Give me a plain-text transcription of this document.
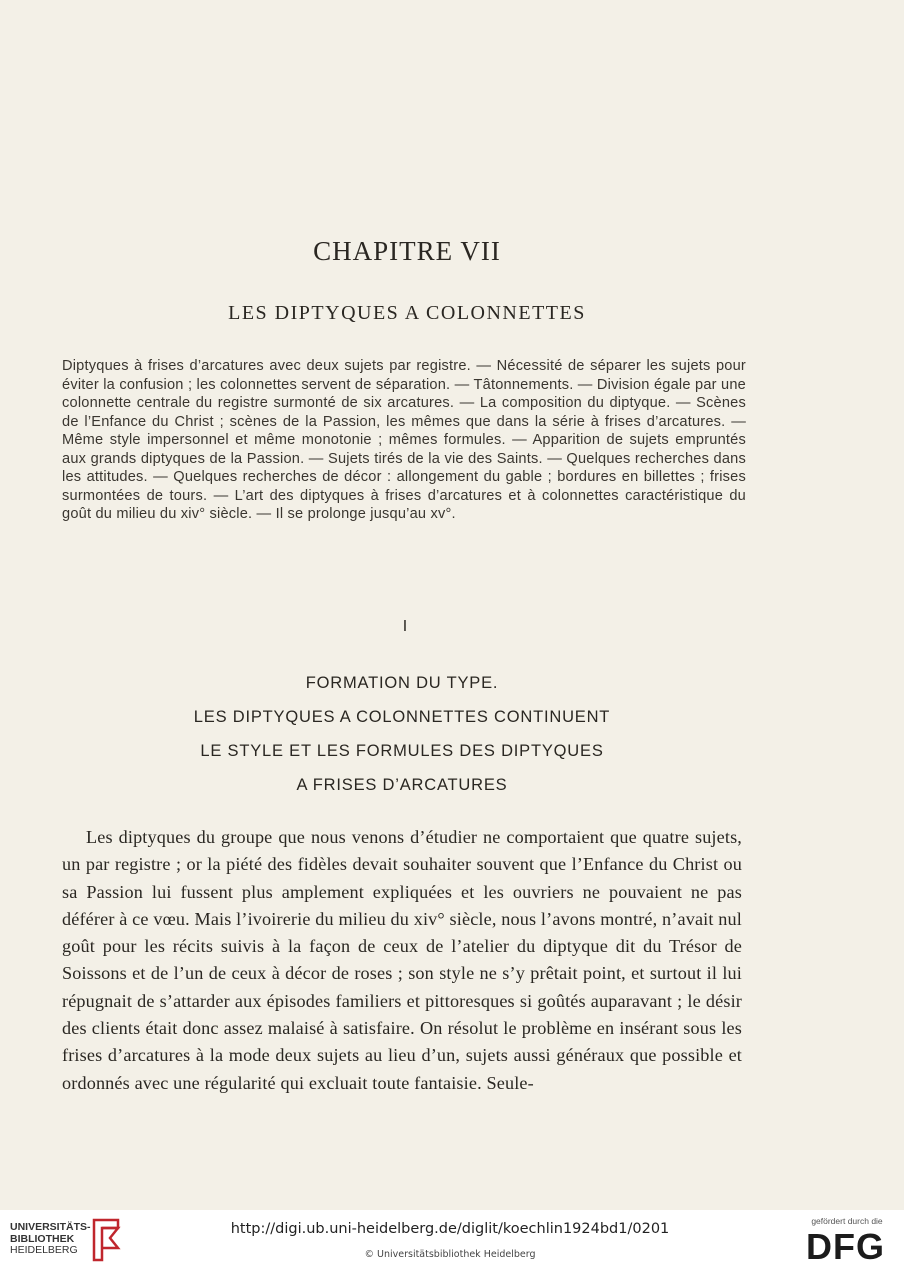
CHAPITRE VII
LES DIPTYQUES A COLONNETTES
Diptyques à frises d’arcatures avec deux sujets par registre. — Nécessité de séparer les sujets pour éviter la confusion ; les colonnettes servent de séparation. — Tâtonnements. — Division égale par une colonnette centrale du registre surmonté de six arcatures. — La composition du diptyque. — Scènes de l’Enfance du Christ ; scènes de la Passion, les mêmes que dans la série à frises d’arcatures. — Même style impersonnel et même monotonie ; mêmes formules. — Apparition de sujets empruntés aux grands diptyques de la Passion. — Sujets tirés de la vie des Saints. — Quelques recherches dans les attitudes. — Quelques recherches de décor : allongement du gable ; bordures en billettes ; frises surmontées de tours. — L’art des diptyques à frises d’arcatures et à colonnettes caractéristique du goût du milieu du xiv° siècle. — Il se prolonge jusqu’au xv°.
I
FORMATION DU TYPE.
LES DIPTYQUES A COLONNETTES CONTINUENT
LE STYLE ET LES FORMULES DES DIPTYQUES
A FRISES D’ARCATURES
Les diptyques du groupe que nous venons d’étudier ne comportaient que quatre sujets, un par registre ; or la piété des fidèles devait souhaiter souvent que l’Enfance du Christ ou sa Passion lui fussent plus amplement expliquées et les ouvriers ne pouvaient ne pas déférer à ce vœu. Mais l’ivoirerie du milieu du xiv° siècle, nous l’avons montré, n’avait nul goût pour les récits suivis à la façon de ceux de l’atelier du diptyque dit du Trésor de Soissons et de l’un de ceux à décor de roses ; son style ne s’y prêtait point, et surtout il lui répugnait de s’attarder aux épisodes familiers et pittoresques si goûtés auparavant ; le désir des clients était donc assez malaisé à satisfaire. On résolut le problème en insérant sous les frises d’arcatures à la mode deux sujets au lieu d’un, sujets aussi généraux que possible et ordonnés avec une régularité qui excluait toute fantaisie. Seule-
UNIVERSITÄTS-
BIBLIOTHEK
HEIDELBERG
http://digi.ub.uni-heidelberg.de/diglit/koechlin1924bd1/0201
© Universitätsbibliothek Heidelberg
gefördert durch die
DFG
